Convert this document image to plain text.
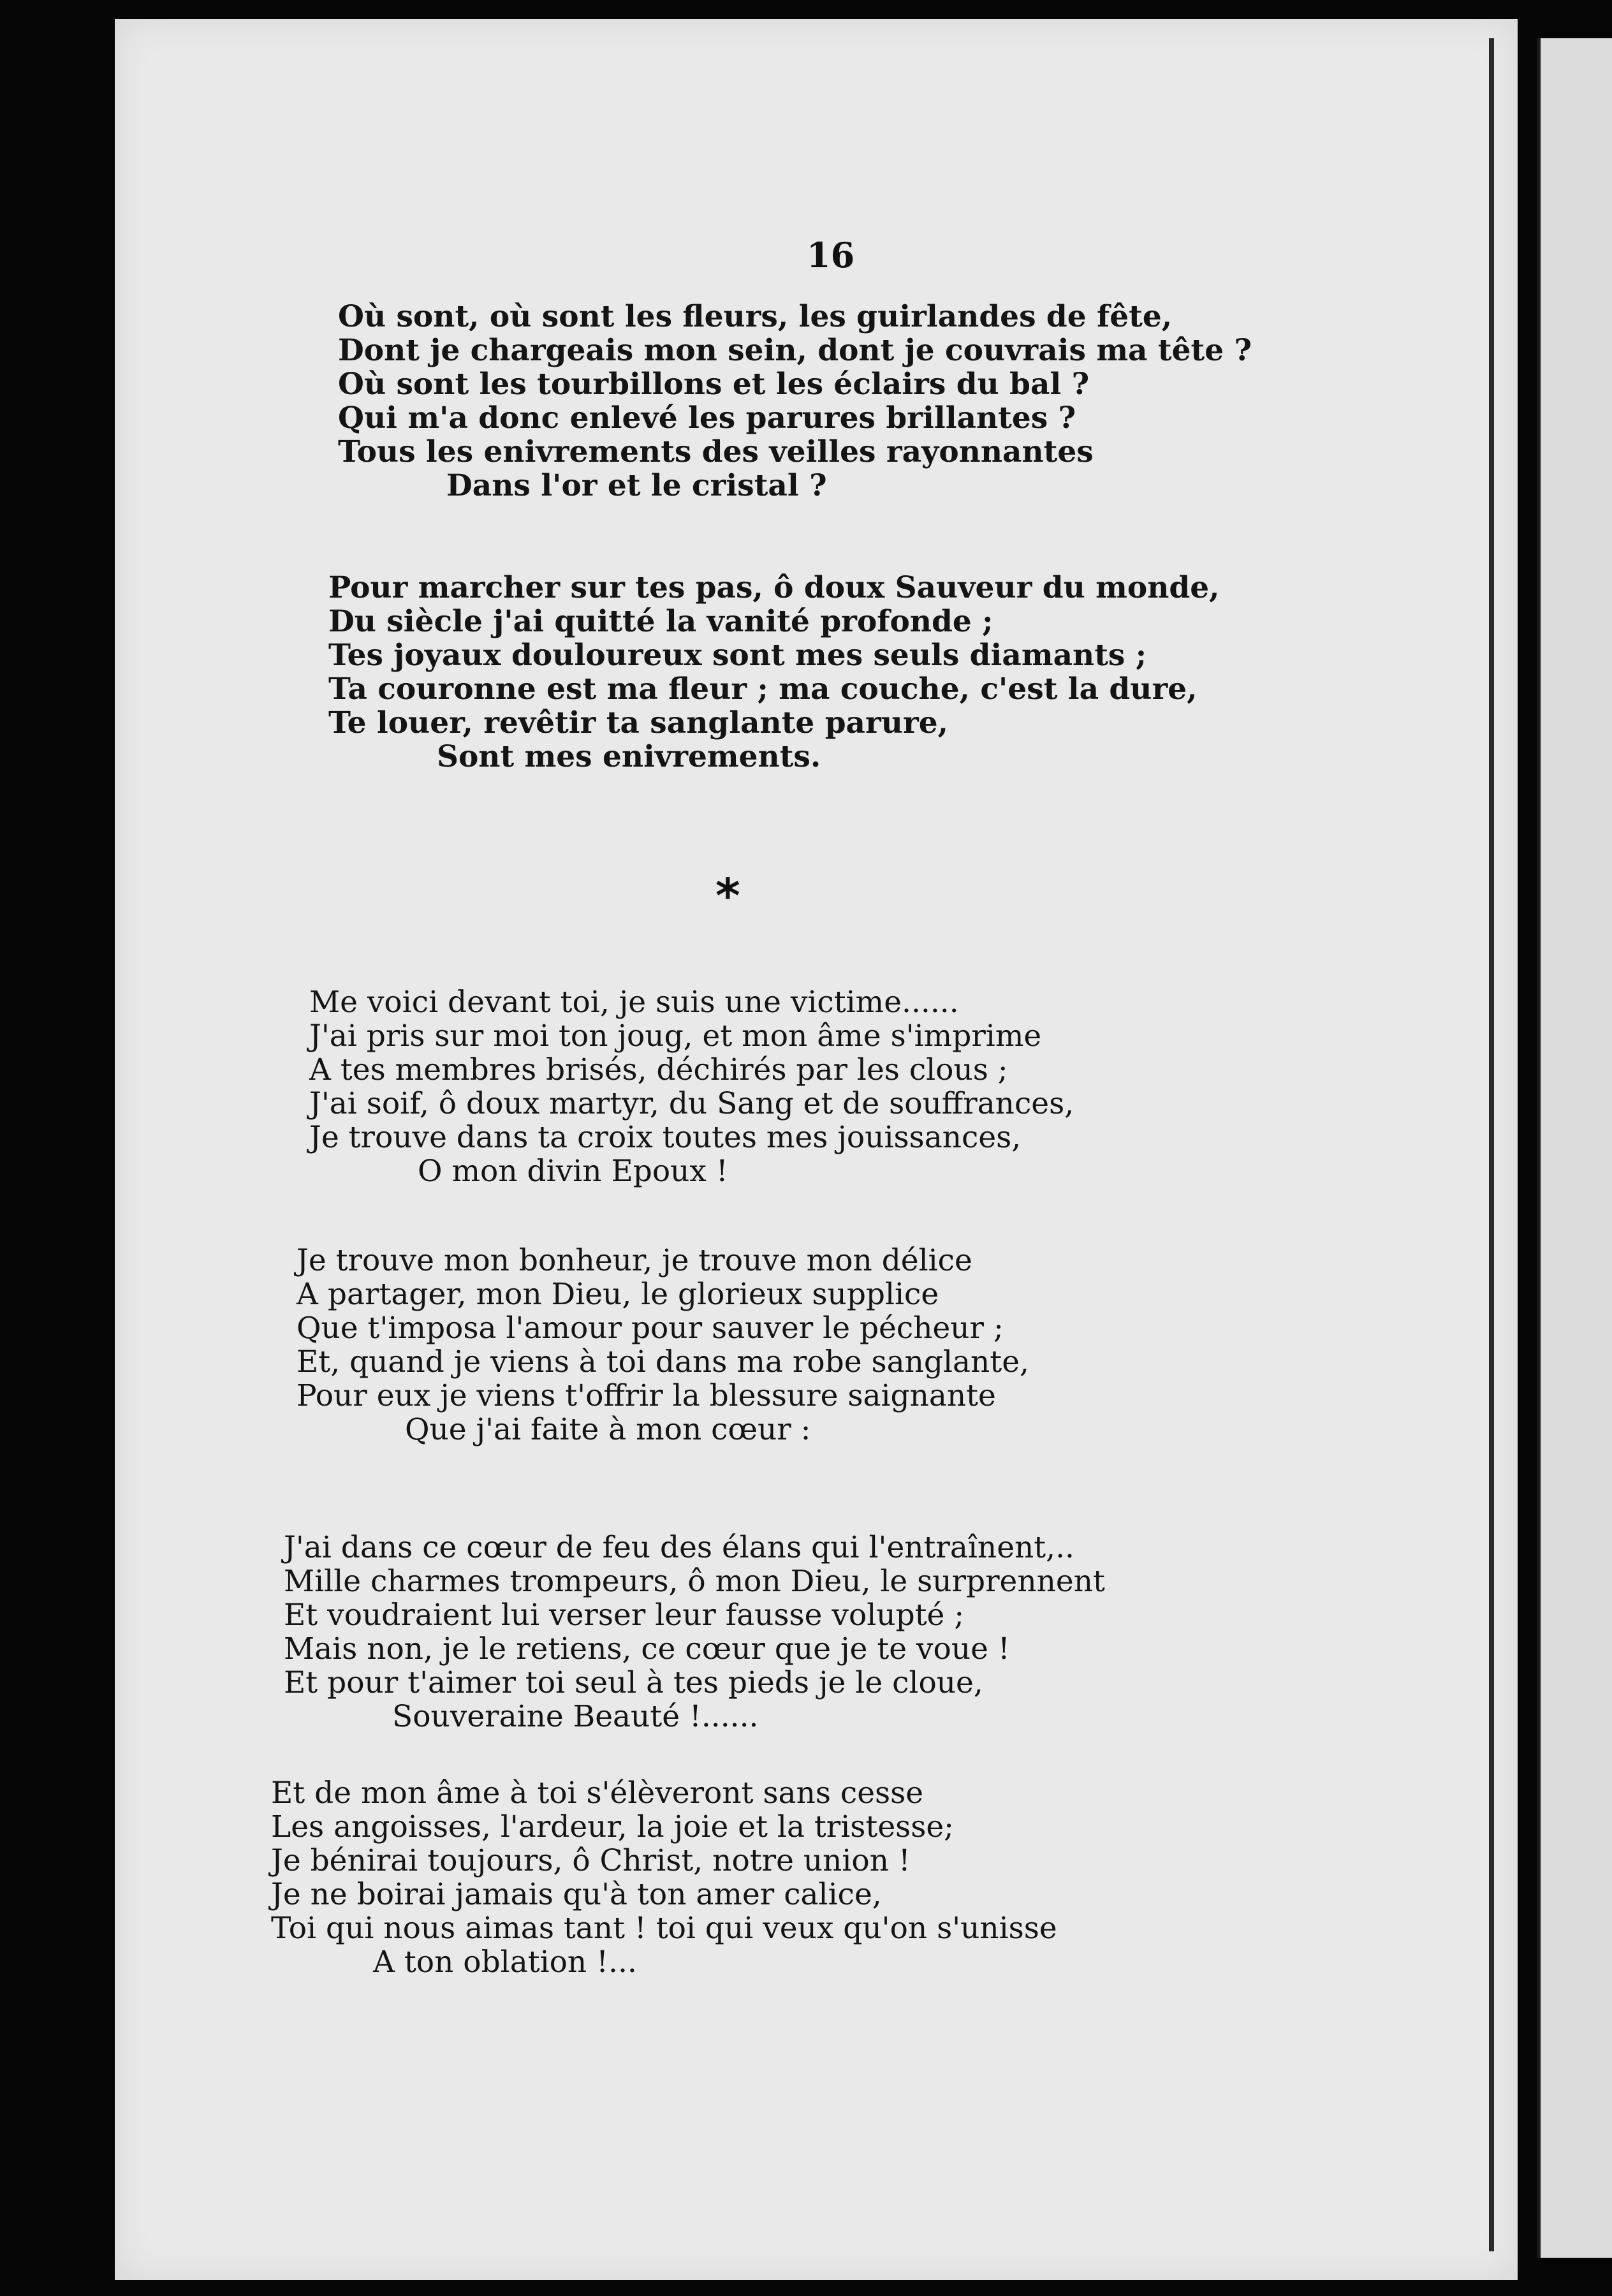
16
Où sont, où sont les fleurs, les guirlandes de fête,
Dont je chargeais mon sein, dont je couvrais ma tête ?
Où sont les tourbillons et les éclairs du bal ?
Qui m'a donc enlevé les parures brillantes ?
Tous les enivrements des veilles rayonnantes
Dans l'or et le cristal ?
Pour marcher sur tes pas, ô doux Sauveur du monde,
Du siècle j'ai quitté la vanité profonde ;
Tes joyaux douloureux sont mes seuls diamants ;
Ta couronne est ma fleur ; ma couche, c'est la dure,
Te louer, revêtir ta sanglante parure,
Sont mes enivrements.
*
Me voici devant toi, je suis une victime......
J'ai pris sur moi ton joug, et mon âme s'imprime
A tes membres brisés, déchirés par les clous ;
J'ai soif, ô doux martyr, du Sang et de souffrances,
Je trouve dans ta croix toutes mes jouissances,
O mon divin Epoux !
Je trouve mon bonheur, je trouve mon délice
A partager, mon Dieu, le glorieux supplice
Que t'imposa l'amour pour sauver le pécheur ;
Et, quand je viens à toi dans ma robe sanglante,
Pour eux je viens t'offrir la blessure saignante
Que j'ai faite à mon cœur :
J'ai dans ce cœur de feu des élans qui l'entraînent,..
Mille charmes trompeurs, ô mon Dieu, le surprennent
Et voudraient lui verser leur fausse volupté ;
Mais non, je le retiens, ce cœur que je te voue !
Et pour t'aimer toi seul à tes pieds je le cloue,
Souveraine Beauté !......
Et de mon âme à toi s'élèveront sans cesse
Les angoisses, l'ardeur, la joie et la tristesse;
Je bénirai toujours, ô Christ, notre union !
Je ne boirai jamais qu'à ton amer calice,
Toi qui nous aimas tant ! toi qui veux qu'on s'unisse
A ton oblation !...
